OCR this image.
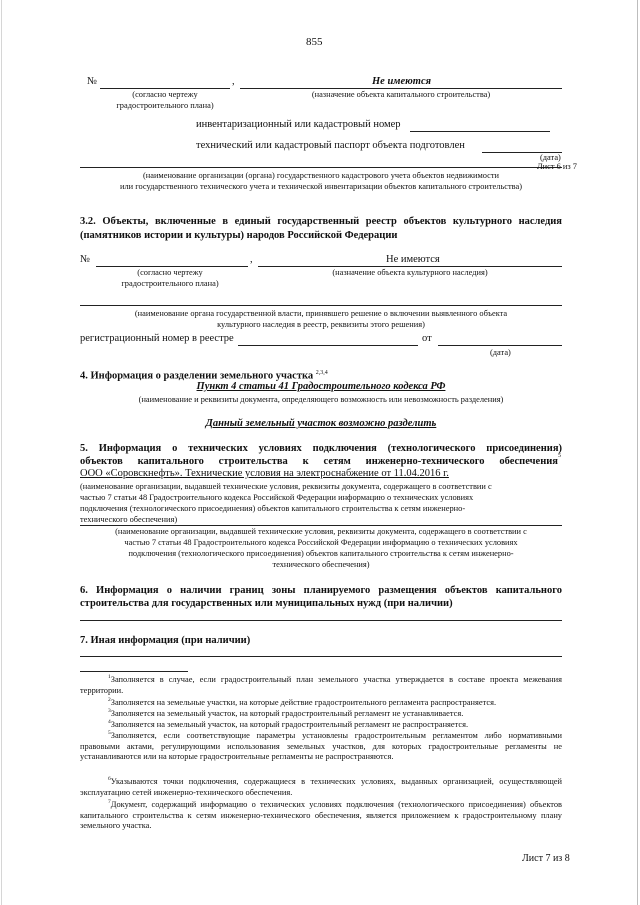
855
№	,	Не имеются
(согласно чертежу
градостроительного плана)
(назначение объекта капитального строительства)
инвентаризационный или кадастровый номер
технический или кадастровый паспорт объекта подготовлен
(дата)
Лист 6 из 7
(наименование организации (органа) государственного кадастрового учета объектов недвижимости
или государственного технического учета и технической инвентаризации объектов капитального строительства)
3.2. Объекты, включенные в единый государственный реестр объектов культурного наследия
(памятников истории и культуры) народов Российской Федерации
№	,	Не имеются
(согласно чертежу
градостроительного плана)
(назначение объекта культурного наследия)
(наименование органа государственной власти, принявшего решение о включении выявленного объекта
культурного наследия в реестр, реквизиты этого решения)
регистрационный номер в реестре	от
(дата)
4. Информация о разделении земельного участка $^{2,3,4}$
Пункт 4 статьи 41 Градостроительного кодекса РФ
(наименование и реквизиты документа, определяющего возможность или невозможность разделения)
Данный земельный участок возможно разделить
5. Информация о технических условиях подключения (технологического присоединения)
объектов капитального строительства к сетям инженерно-технического обеспечения 5
ООО «Соровскнефть». Технические условия на электроснабжение от 11.04.2016 г.
(наименование организации, выдавшей технические условия, реквизиты документа, содержащего в соответствии с
частью 7 статьи 48 Градостроительного кодекса Российской Федерации информацию о технических условиях
подключения (технологического присоединения) объектов капитального строительства к сетям инженерно-
технического обеспечения)
(наименование организации, выдавшей технические условия, реквизиты документа, содержащего в соответствии с
частью 7 статьи 48 Градостроительного кодекса Российской Федерации информацию о технических условиях
подключения (технологического присоединения) объектов капитального строительства к сетям инженерно-
технического обеспечения)
6. Информация о наличии границ зоны планируемого размещения объектов капитального
строительства для государственных или муниципальных нужд (при наличии)
7. Иная информация (при наличии)
$^1$Заполняется в случае, если градостроительный план земельного участка утверждается в составе проекта межевания территории.
$^2$Заполняется на земельные участки, на которые действие градостроительного регламента распространяется.
$^3$Заполняется на земельный участок, на который градостроительный регламент не устанавливается.
$^4$Заполняется на земельный участок, на который градостроительный регламент не распространяется.
$^5$Заполняется, если соответствующие параметры установлены градостроительным регламентом либо нормативными правовыми актами, регулирующими использования земельных участков, для которых градостроительные регламенты не устанавливаются или на которые градостроительные регламенты не распространяются.
$^6$Указываются точки подключения, содержащиеся в технических условиях, выданных организацией, осуществляющей эксплуатацию сетей инженерно-технического обеспечения.
$^7$Документ, содержащий информацию о технических условиях подключения (технологического присоединения) объектов капитального строительства к сетям инженерно-технического обеспечения, является приложением к градостроительному плану земельного участка.
Лист 7 из 8
